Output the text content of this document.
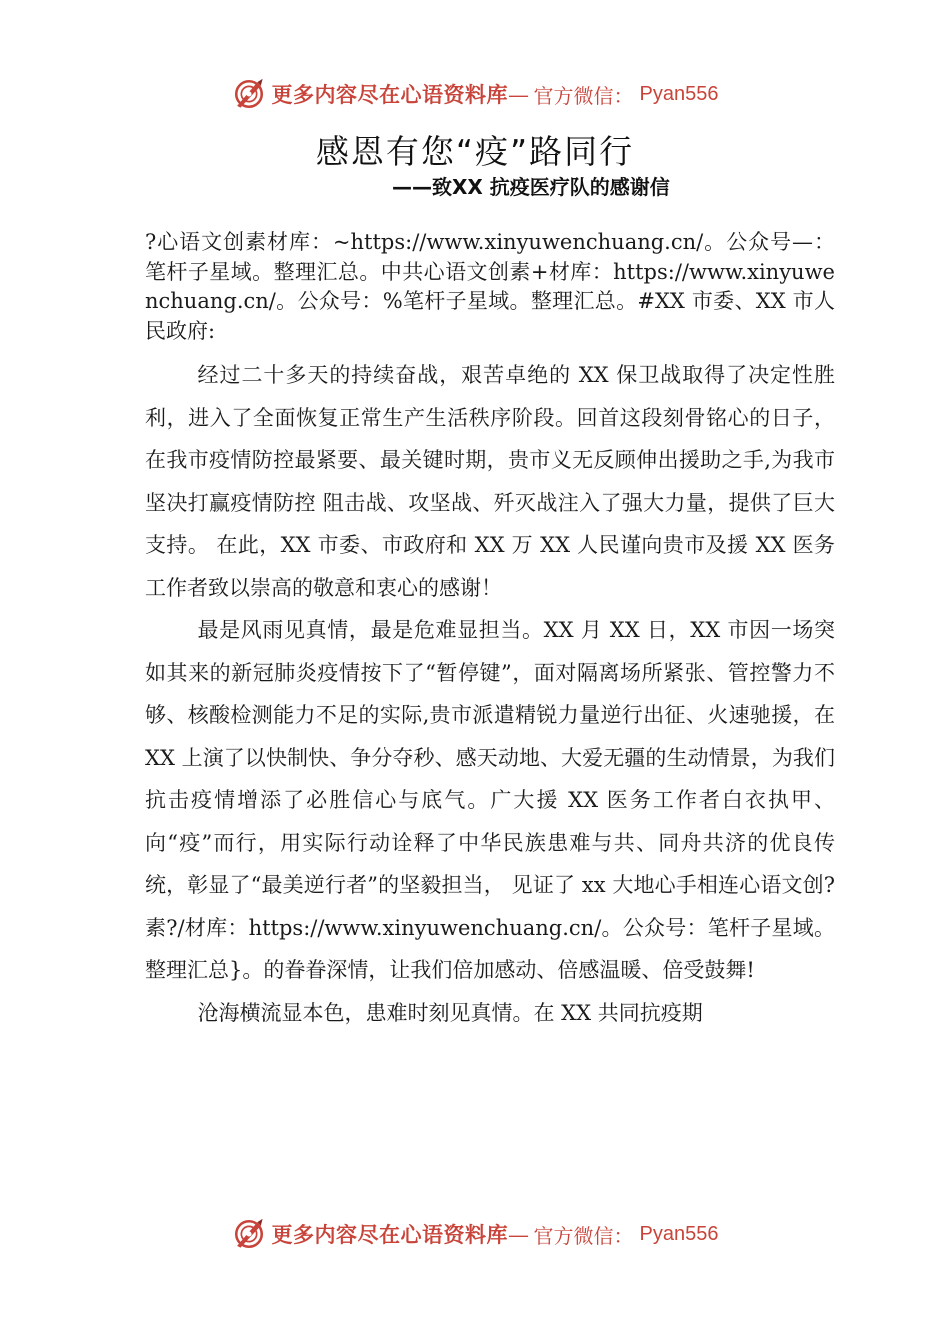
更多内容尽在心语资料库— 官方微信： Pyan556
感恩有您“疫”路同行
——致XX 抗疫医疗队的感谢信

?心语文创素材库：~https://www.xinyuwenchuang.cn/。公众号—：笔杆子星域。整理汇总。中共心语文创素+材库：https://www.xinyuwenchuang.cn/。公众号：%笔杆子星域。整理汇总。#XX 市委、XX 市人民政府:

经过二十多天的持续奋战，艰苦卓绝的 XX 保卫战取得了决定性胜利，进入了全面恢复正常生产生活秩序阶段。回首这段刻骨铭心的日子，在我市疫情防控最紧要、最关键时期，贵市义无反顾伸出援助之手,为我市坚决打赢疫情防控 阻击战、攻坚战、歼灭战注入了强大力量，提供了巨大支持。 在此，XX 市委、市政府和 XX 万 XX 人民谨向贵市及援 XX 医务工作者致以崇高的敬意和衷心的感谢！

最是风雨见真情，最是危难显担当。XX 月 XX 日，XX 市因一场突如其来的新冠肺炎疫情按下了“暂停键”，面对隔离场所紧张、管控警力不够、核酸检测能力不足的实际,贵市派遣精锐力量逆行出征、火速驰援，在 XX 上演了以快制快、争分夺秒、感天动地、大爱无疆的生动情景，为我们抗击疫情增添了必胜信心与底气。广大援 XX 医务工作者白衣执甲、向“疫”而行，用实际行动诠释了中华民族患难与共、同舟共济的优良传统，彰显了“最美逆行者”的坚毅担当， 见证了 xx 大地心手相连心语文创?素?/材库：https://www.xinyuwenchuang.cn/。公众号：笔杆子星域。整理汇总}。的眷眷深情，让我们倍加感动、倍感温暖、倍受鼓舞!

沧海横流显本色，患难时刻见真情。在 XX 共同抗疫期

更多内容尽在心语资料库— 官方微信： Pyan556
